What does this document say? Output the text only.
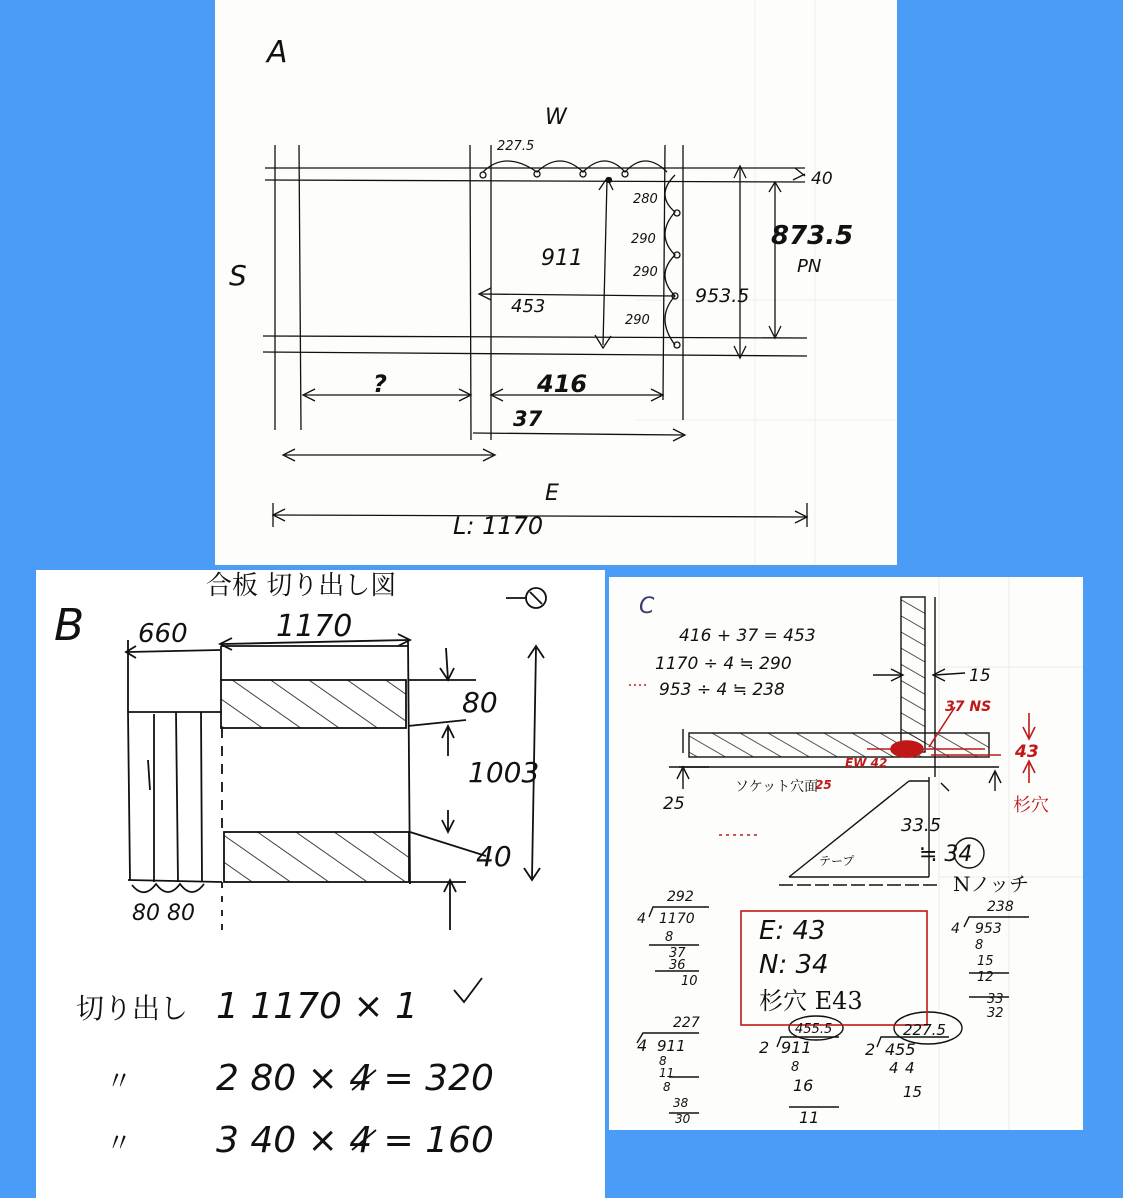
A
W
S
E
227.5
40
280
290
290
290
911
453	953.5
873.5
PN
?	416
37
L: 1170
B
合板 切り出し図
660	1170
80
1003
40
80 80
切り出し 1 1170 × 1
〃 2 80 × 4 = 320
〃 3 40 × 4 = 160
C
416 + 37 = 453
1170 ÷ 4 ≒ 290
953 ÷ 4 ≒ 238
15
37 NS
EW 42
43
ソケット穴面
25
25	杉穴
33.5
≒ 34
テープ
Nノッチ
E: 43
N: 34
杉穴 E43
292
4 1170
8
37
36
10
238
4 953
8
15
12
33
32
227
4 911
8
11
8
38
30
455.5
2 911
8
16
11
227.5
2 455
4 4
15
